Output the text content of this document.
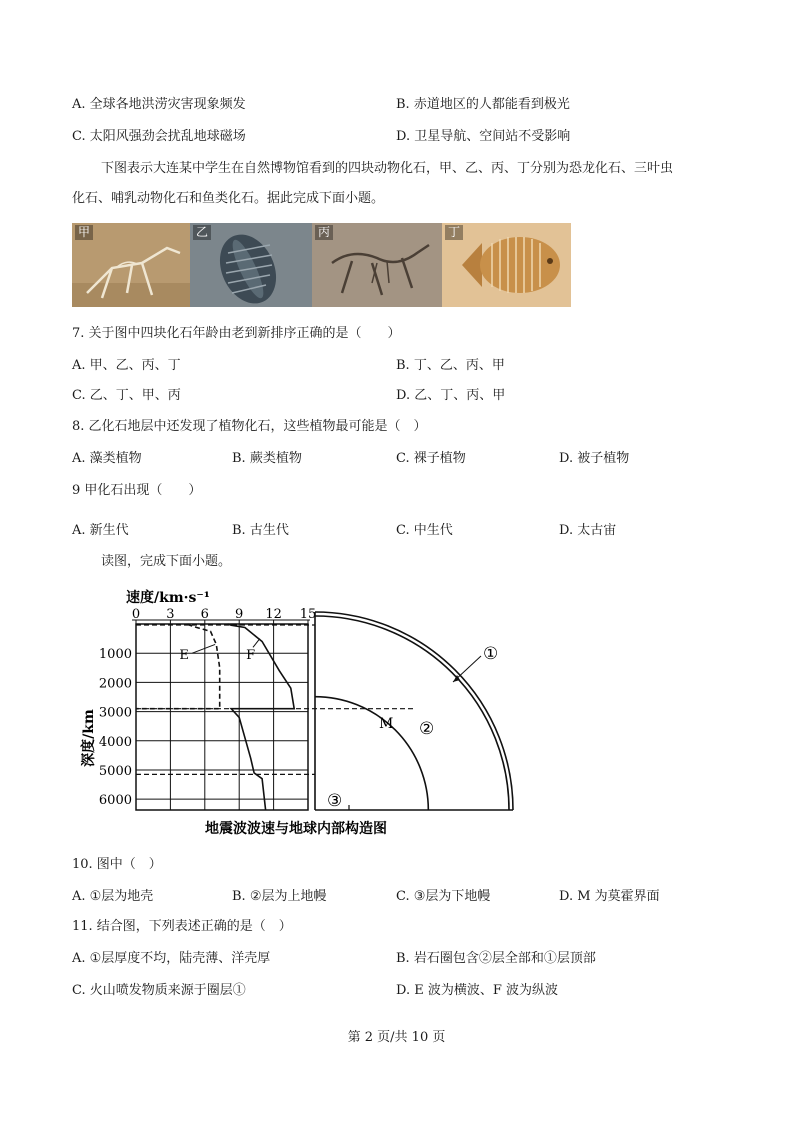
A. 全球各地洪涝灾害现象频发	B. 赤道地区的人都能看到极光
C. 太阳风强劲会扰乱地球磁场	D. 卫星导航、空间站不受影响
下图表示大连某中学生在自然博物馆看到的四块动物化石，甲、乙、丙、丁分别为恐龙化石、三叶虫
化石、哺乳动物化石和鱼类化石。据此完成下面小题。
甲	乙	丙	丁
7. 关于图中四块化石年龄由老到新排序正确的是（　　）
A. 甲、乙、丙、丁	B. 丁、乙、丙、甲
C. 乙、丁、甲、丙	D. 乙、丁、丙、甲
8. 乙化石地层中还发现了植物化石，这些植物最可能是（　）
A. 藻类植物	B. 蕨类植物	C. 裸子植物	D. 被子植物
9 甲化石出现（　　）
A. 新生代	B. 古生代	C. 中生代	D. 太古宙
读图，完成下面小题。
0 3 6 9 12 15
1000
2000
3000
4000
5000
6000
E	F	①
②
③
M
速度/km·s⁻¹
深度/km
地震波波速与地球内部构造图
10. 图中（　）
A. ①层为地壳	B. ②层为上地幔	C. ③层为下地幔	D. M 为莫霍界面
11. 结合图，下列表述正确的是（　）
A. ①层厚度不均，陆壳薄、洋壳厚	B. 岩石圈包含②层全部和①层顶部
C. 火山喷发物质来源于圈层①	D. E 波为横波、F 波为纵波
第 2 页/共 10 页
